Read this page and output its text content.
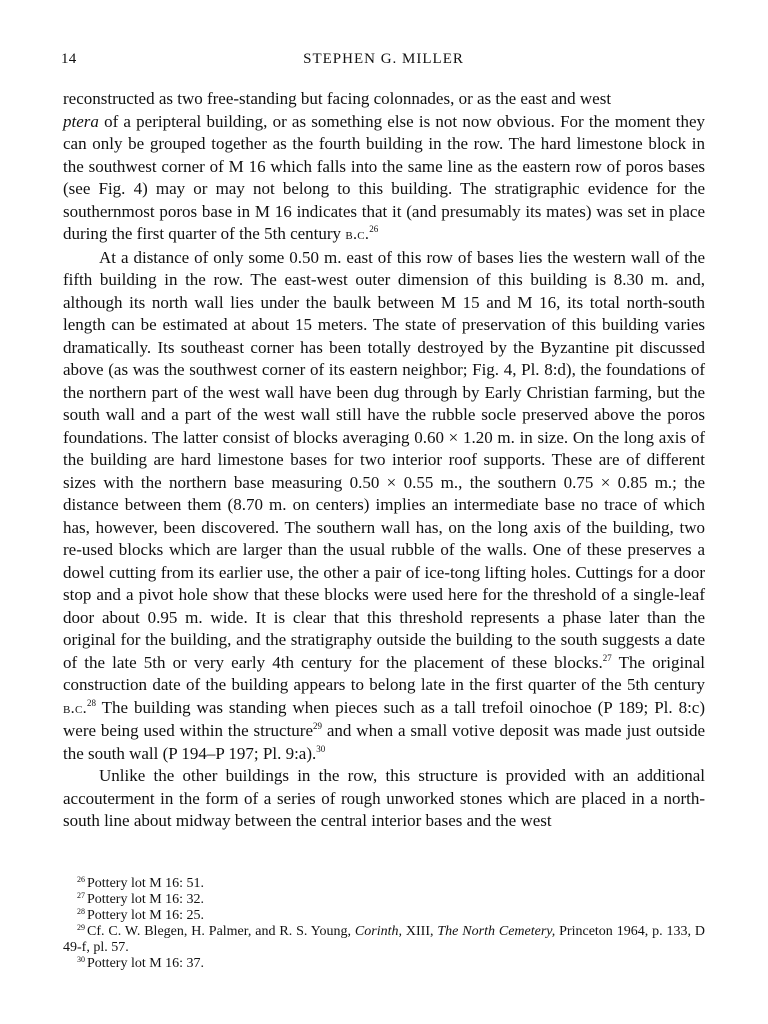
14	STEPHEN G. MILLER

reconstructed as two free-standing but facing colonnades, or as the east and west
ptera of a peripteral building, or as something else is not now obvious. For the moment they can only be grouped together as the fourth building in the row. The hard limestone block in the southwest corner of M 16 which falls into the same line as the eastern row of poros bases (see Fig. 4) may or may not belong to this building. The stratigraphic evidence for the southernmost poros base in M 16 indicates that it (and presumably its mates) was set in place during the first quarter of the 5th century b.c.$^{26}$

At a distance of only some 0.50 m. east of this row of bases lies the western wall of the fifth building in the row. The east-west outer dimension of this building is 8.30 m. and, although its north wall lies under the baulk between M 15 and M 16, its total north-south length can be estimated at about 15 meters. The state of preservation of this building varies dramatically. Its southeast corner has been totally destroyed by the Byzantine pit discussed above (as was the southwest corner of its eastern neighbor; Fig. 4, Pl. 8:d), the foundations of the northern part of the west wall have been dug through by Early Christian farming, but the south wall and a part of the west wall still have the rubble socle preserved above the poros foundations. The latter consist of blocks averaging 0.60 × 1.20 m. in size. On the long axis of the building are hard limestone bases for two interior roof supports. These are of different sizes with the northern base measuring 0.50 × 0.55 m., the southern 0.75 × 0.85 m.; the distance between them (8.70 m. on centers) implies an intermediate base no trace of which has, however, been discovered. The southern wall has, on the long axis of the building, two re-used blocks which are larger than the usual rubble of the walls. One of these preserves a dowel cutting from its earlier use, the other a pair of ice-tong lifting holes. Cuttings for a door stop and a pivot hole show that these blocks were used here for the threshold of a single-leaf door about 0.95 m. wide. It is clear that this threshold represents a phase later than the original for the building, and the stratigraphy outside the building to the south suggests a date of the late 5th or very early 4th century for the placement of these blocks.$^{27}$ The original construction date of the building appears to belong late in the first quarter of the 5th century b.c.$^{28}$ The building was standing when pieces such as a tall trefoil oinochoe (P 189; Pl. 8:c) were being used within the structure$^{29}$ and when a small votive deposit was made just outside the south wall (P 194–P 197; Pl. 9:a).$^{30}$

Unlike the other buildings in the row, this structure is provided with an additional accouterment in the form of a series of rough unworked stones which are placed in a north-south line about midway between the central interior bases and the west

$^{26}$ Pottery lot M 16: 51.

$^{27}$ Pottery lot M 16: 32.

$^{28}$ Pottery lot M 16: 25.

$^{29}$ Cf. C. W. Blegen, H. Palmer, and R. S. Young, Corinth, XIII, The North Cemetery, Princeton 1964, p. 133, D 49-f, pl. 57.

$^{30}$ Pottery lot M 16: 37.
